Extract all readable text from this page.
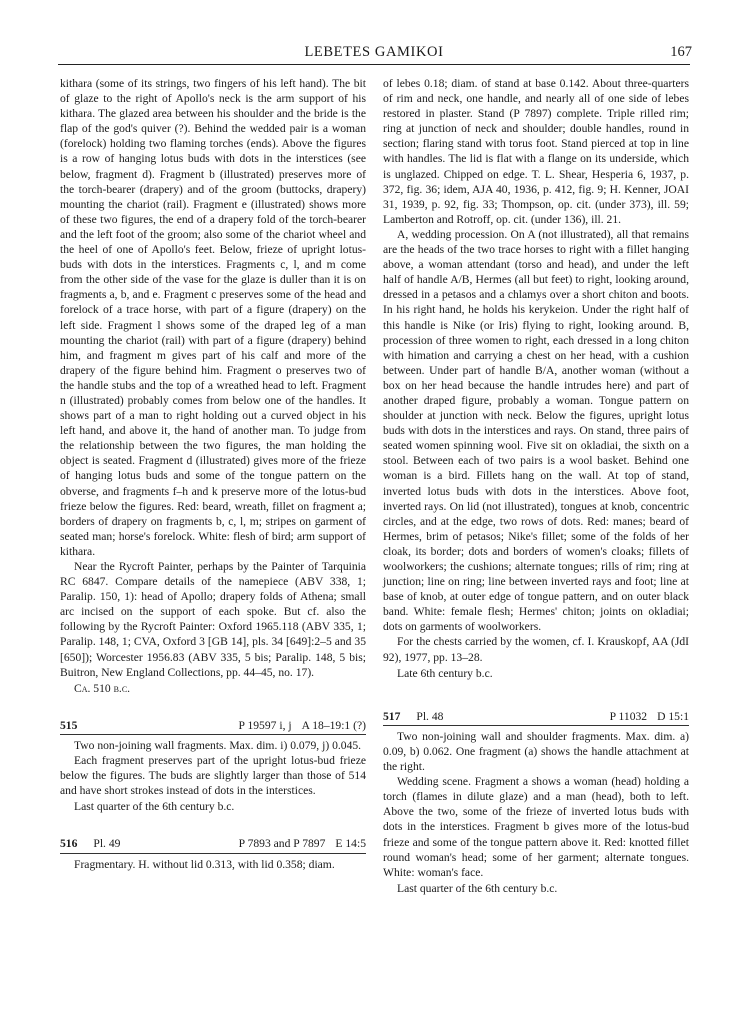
LEBETES GAMIKOI	167

kithara (some of its strings, two fingers of his left hand). The bit of glaze to the right of Apollo's neck is the arm support of his kithara. The glazed area between his shoulder and the bride is the flap of the god's quiver (?). Behind the wedded pair is a woman (forelock) holding two flaming torches (ends). Above the figures is a row of hanging lotus buds with dots in the interstices (see below, fragment d). Fragment b (illustrated) preserves more of the torch-bearer (drapery) and of the groom (buttocks, drapery) mounting the chariot (rail). Fragment e (illustrated) shows more of these two figures, the end of a drapery fold of the torch-bearer and the left foot of the groom; also some of the chariot wheel and the heel of one of Apollo's feet. Below, frieze of upright lotus-buds with dots in the interstices. Fragments c, l, and m come from the other side of the vase for the glaze is duller than it is on fragments a, b, and e. Fragment c preserves some of the head and forelock of a trace horse, with part of a figure (drapery) on the left side. Fragment l shows some of the draped leg of a man mounting the chariot (rail) with part of a figure (drapery) behind him, and fragment m gives part of his calf and more of the drapery of the figure behind him. Fragment o preserves two of the handle stubs and the top of a wreathed head to left. Fragment n (illustrated) probably comes from below one of the handles. It shows part of a man to right holding out a curved object in his left hand, and above it, the hand of another man. To judge from the relationship between the two figures, the man holding the object is seated. Fragment d (illustrated) gives more of the frieze of hanging lotus buds and some of the tongue pattern on the obverse, and fragments f–h and k preserve more of the lotus-bud frieze below the figures. Red: beard, wreath, fillet on fragment a; borders of drapery on fragments b, c, l, m; stripes on garment of seated man; horse's forelock. White: flesh of bird; arm support of kithara.

Near the Rycroft Painter, perhaps by the Painter of Tarquinia RC 6847. Compare details of the namepiece (ABV 338, 1; Paralip. 150, 1): head of Apollo; drapery folds of Athena; small arc incised on the support of each spoke. But cf. also the following by the Rycroft Painter: Oxford 1965.118 (ABV 335, 1; Paralip. 148, 1; CVA, Oxford 3 [GB 14], pls. 34 [649]:2–5 and 35 [650]); Worcester 1956.83 (ABV 335, 5 bis; Paralip. 148, 5 bis; Buitron, New England Collections, pp. 44–45, no. 17).

Ca. 510 b.c.

515	P 19597 i, j A 18–19:1 (?)

Two non-joining wall fragments. Max. dim. i) 0.079, j) 0.045.

Each fragment preserves part of the upright lotus-bud frieze below the figures. The buds are slightly larger than those of 514 and have short strokes instead of dots in the interstices.

Last quarter of the 6th century b.c.

516 Pl. 49	P 7893 and P 7897 E 14:5

Fragmentary. H. without lid 0.313, with lid 0.358; diam.

of lebes 0.18; diam. of stand at base 0.142. About three-quarters of rim and neck, one handle, and nearly all of one side of lebes restored in plaster. Stand (P 7897) complete. Triple rilled rim; ring at junction of neck and shoulder; double handles, round in section; flaring stand with torus foot. Stand pierced at top in line with handles. The lid is flat with a flange on its underside, which is unglazed. Chipped on edge. T. L. Shear, Hesperia 6, 1937, p. 372, fig. 36; idem, AJA 40, 1936, p. 412, fig. 9; H. Kenner, JOAI 31, 1939, p. 92, fig. 33; Thompson, op. cit. (under 373), ill. 59; Lamberton and Rotroff, op. cit. (under 136), ill. 21.

A, wedding procession. On A (not illustrated), all that remains are the heads of the two trace horses to right with a fillet hanging above, a woman attendant (torso and head), and under the left half of handle A/B, Hermes (all but feet) to right, looking around, dressed in a petasos and a chlamys over a short chiton and boots. In his right hand, he holds his kerykeion. Under the right half of this handle is Nike (or Iris) flying to right, looking around. B, procession of three women to right, each dressed in a long chiton with himation and carrying a chest on her head, with a cushion between. Under part of handle B/A, another woman (without a box on her head because the handle intrudes here) and part of another draped figure, probably a woman. Tongue pattern on shoulder at junction with neck. Below the figures, upright lotus buds with dots in the interstices and rays. On stand, three pairs of seated women spinning wool. Five sit on okladiai, the sixth on a stool. Between each of two pairs is a wool basket. Behind one woman is a bird. Fillets hang on the wall. At top of stand, inverted lotus buds with dots in the interstices. Above foot, inverted rays. On lid (not illustrated), tongues at knob, concentric circles, and at the edge, two rows of dots. Red: manes; beard of Hermes, brim of petasos; Nike's fillet; some of the folds of her cloak, its border; dots and borders of women's cloaks; fillets of woolworkers; the cushions; alternate tongues; rills of rim; ring at junction; line on ring; line between inverted rays and foot; line at base of knob, at outer edge of tongue pattern, and on outer black band. White: female flesh; Hermes' chiton; joints on okladiai; dots on garments of woolworkers.

For the chests carried by the women, cf. I. Krauskopf, AA (JdI 92), 1977, pp. 13–28.

Late 6th century b.c.

517 Pl. 48	P 11032 D 15:1

Two non-joining wall and shoulder fragments. Max. dim. a) 0.09, b) 0.062. One fragment (a) shows the handle attachment at the right.

Wedding scene. Fragment a shows a woman (head) holding a torch (flames in dilute glaze) and a man (head), both to left. Above the two, some of the frieze of inverted lotus buds with dots in the interstices. Fragment b gives more of the lotus-bud frieze and some of the tongue pattern above it. Red: knotted fillet round woman's head; some of her garment; alternate tongues. White: woman's face.

Last quarter of the 6th century b.c.
